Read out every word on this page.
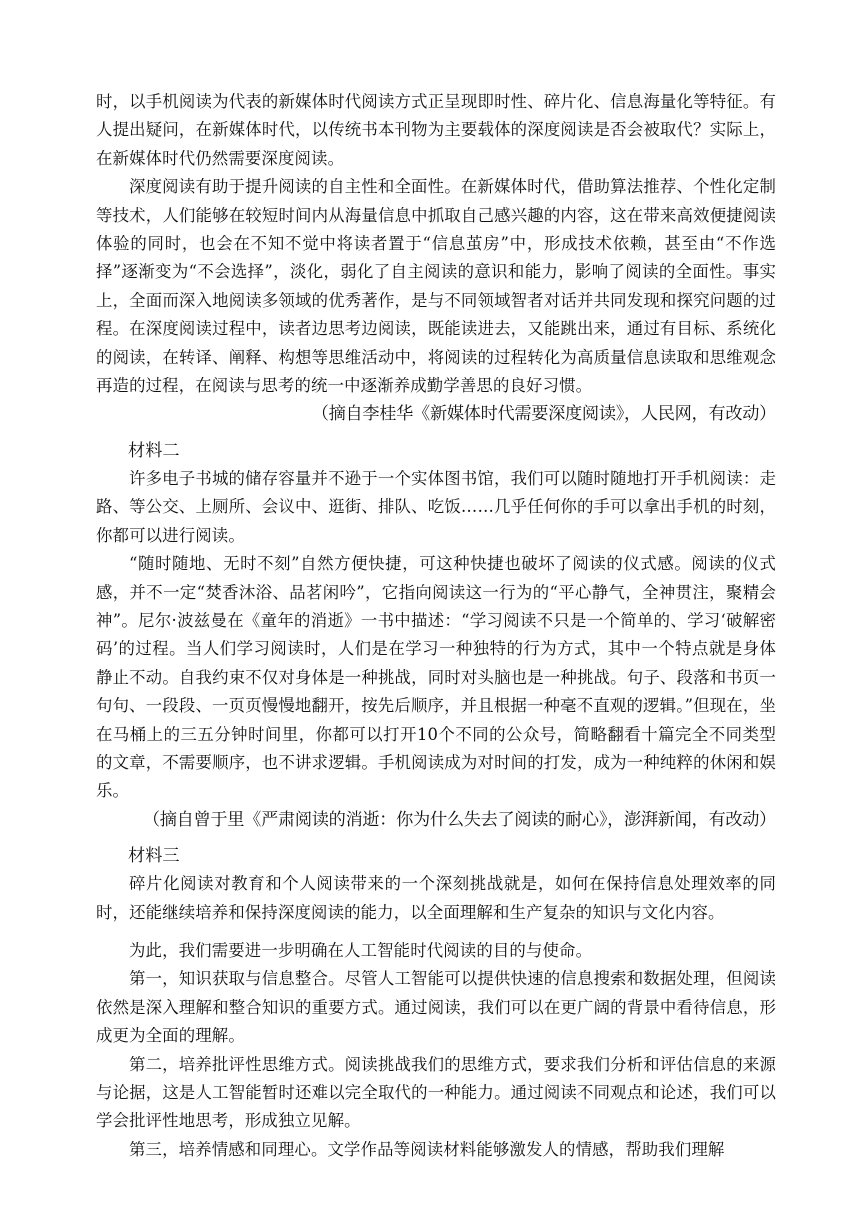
时，以手机阅读为代表的新媒体时代阅读方式正呈现即时性、碎片化、信息海量化等特征。有人提出疑问，在新媒体时代，以传统书本刊物为主要载体的深度阅读是否会被取代？实际上，在新媒体时代仍然需要深度阅读。

深度阅读有助于提升阅读的自主性和全面性。在新媒体时代，借助算法推荐、个性化定制等技术，人们能够在较短时间内从海量信息中抓取自己感兴趣的内容，这在带来高效便捷阅读体验的同时，也会在不知不觉中将读者置于“信息茧房”中，形成技术依赖，甚至由“不作选择”逐渐变为“不会选择”，淡化，弱化了自主阅读的意识和能力，影响了阅读的全面性。事实上，全面而深入地阅读多领域的优秀著作，是与不同领域智者对话并共同发现和探究问题的过程。在深度阅读过程中，读者边思考边阅读，既能读进去，又能跳出来，通过有目标、系统化的阅读，在转译、阐释、构想等思维活动中，将阅读的过程转化为高质量信息读取和思维观念再造的过程，在阅读与思考的统一中逐渐养成勤学善思的良好习惯。

（摘自李桂华《新媒体时代需要深度阅读》，人民网，有改动）

材料二

许多电子书城的储存容量并不逊于一个实体图书馆，我们可以随时随地打开手机阅读：走路、等公交、上厕所、会议中、逛街、排队、吃饭……几乎任何你的手可以拿出手机的时刻，你都可以进行阅读。

“随时随地、无时不刻”自然方便快捷，可这种快捷也破坏了阅读的仪式感。阅读的仪式感，并不一定“焚香沐浴、品茗闲吟”，它指向阅读这一行为的“平心静气，全神贯注，聚精会神”。尼尔·波兹曼在《童年的消逝》一书中描述：“学习阅读不只是一个简单的、学习‘破解密码’的过程。当人们学习阅读时，人们是在学习一种独特的行为方式，其中一个特点就是身体静止不动。自我约束不仅对身体是一种挑战，同时对头脑也是一种挑战。句子、段落和书页一句句、一段段、一页页慢慢地翻开，按先后顺序，并且根据一种毫不直观的逻辑。”但现在，坐在马桶上的三五分钟时间里，你都可以打开10个不同的公众号，简略翻看十篇完全不同类型的文章，不需要顺序，也不讲求逻辑。手机阅读成为对时间的打发，成为一种纯粹的休闲和娱乐。

（摘自曾于里《严肃阅读的消逝：你为什么失去了阅读的耐心》，澎湃新闻，有改动）

材料三

碎片化阅读对教育和个人阅读带来的一个深刻挑战就是，如何在保持信息处理效率的同时，还能继续培养和保持深度阅读的能力，以全面理解和生产复杂的知识与文化内容。

为此，我们需要进一步明确在人工智能时代阅读的目的与使命。

第一，知识获取与信息整合。尽管人工智能可以提供快速的信息搜索和数据处理，但阅读依然是深入理解和整合知识的重要方式。通过阅读，我们可以在更广阔的背景中看待信息，形成更为全面的理解。

第二，培养批评性思维方式。阅读挑战我们的思维方式，要求我们分析和评估信息的来源与论据，这是人工智能暂时还难以完全取代的一种能力。通过阅读不同观点和论述，我们可以学会批评性地思考，形成独立见解。

第三，培养情感和同理心。文学作品等阅读材料能够激发人的情感，帮助我们理解
